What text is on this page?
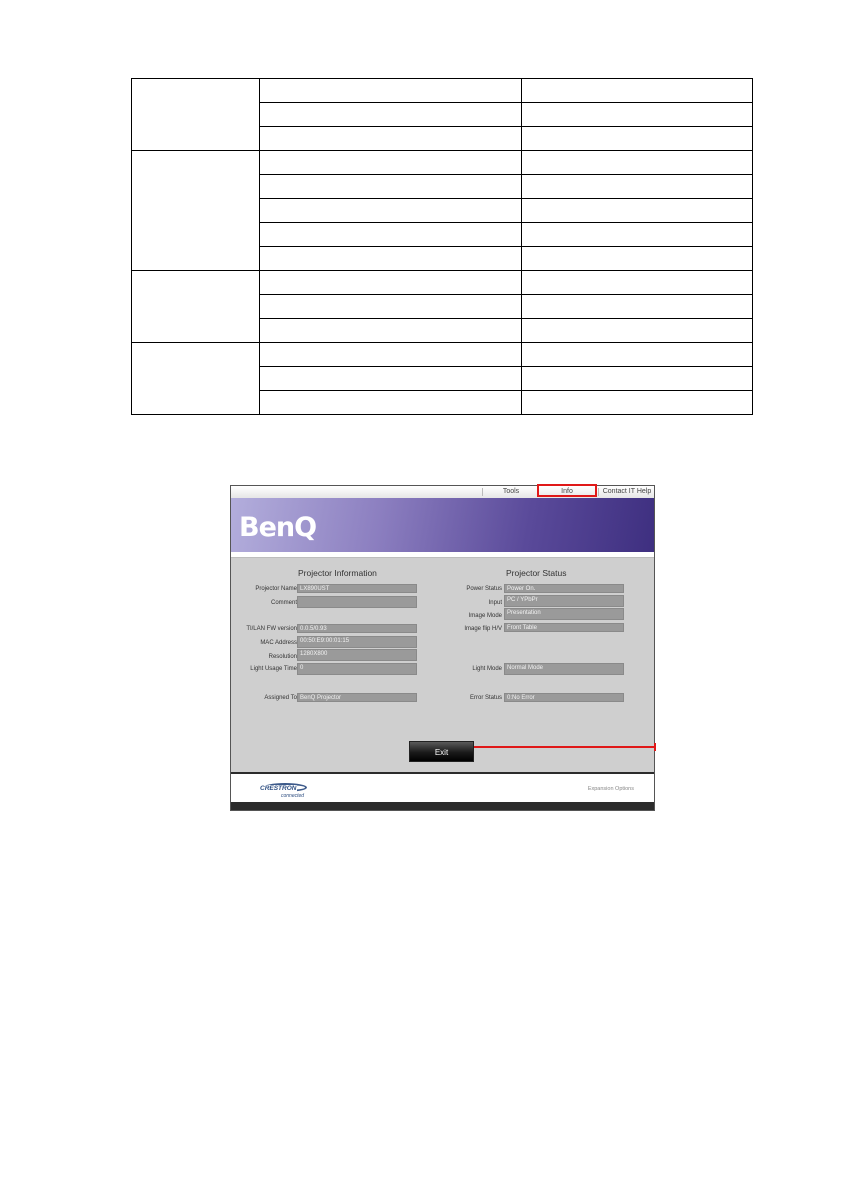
Tools	Info	Contact IT Help
BenQ
Projector Information
Projector Name LX890UST
Comment
TI/LAN FW version 0.0.5/0.93
MAC Address 00:50:E9:00:01:15
Resolution 1280X800
Light Usage Time 0
Assigned To BenQ Projector
Projector Status
Power Status Power On.
Input PC / YPbPr
Image Mode Presentation
Image flip H/V Front Table
Light Mode Normal Mode
Error Status 0:No Error
Exit
CRESTRON
connected
Expansion Options
